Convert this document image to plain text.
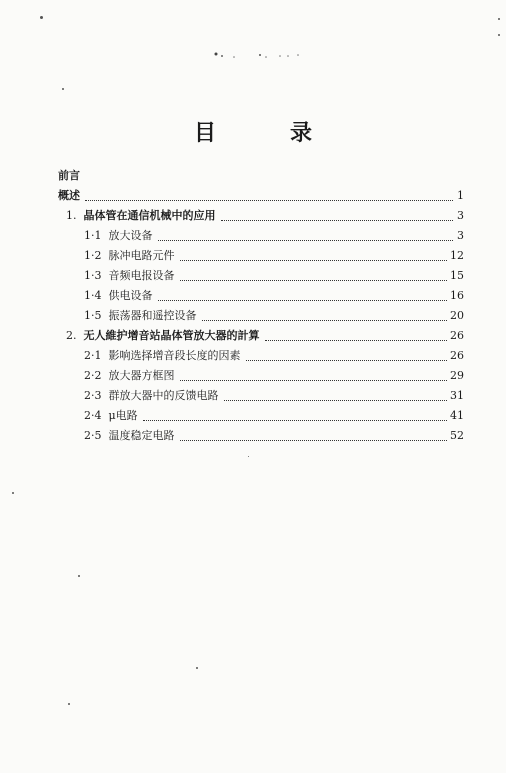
目　录
前言
概述	1
1. 晶体管在通信机械中的应用	3
1·1 放大设备	3
1·2 脉冲电路元件	12
1·3 音频电报设备	15
1·4 供电设备	16
1·5 振荡器和遥控设备	20
2. 无人維护增音站晶体管放大器的計算	26
2·1 影响选择增音段长度的因素	26
2·2 放大器方框图	29
2·3 群放大器中的反馈电路	31
2·4 μ电路	41
2·5 温度稳定电路	52
